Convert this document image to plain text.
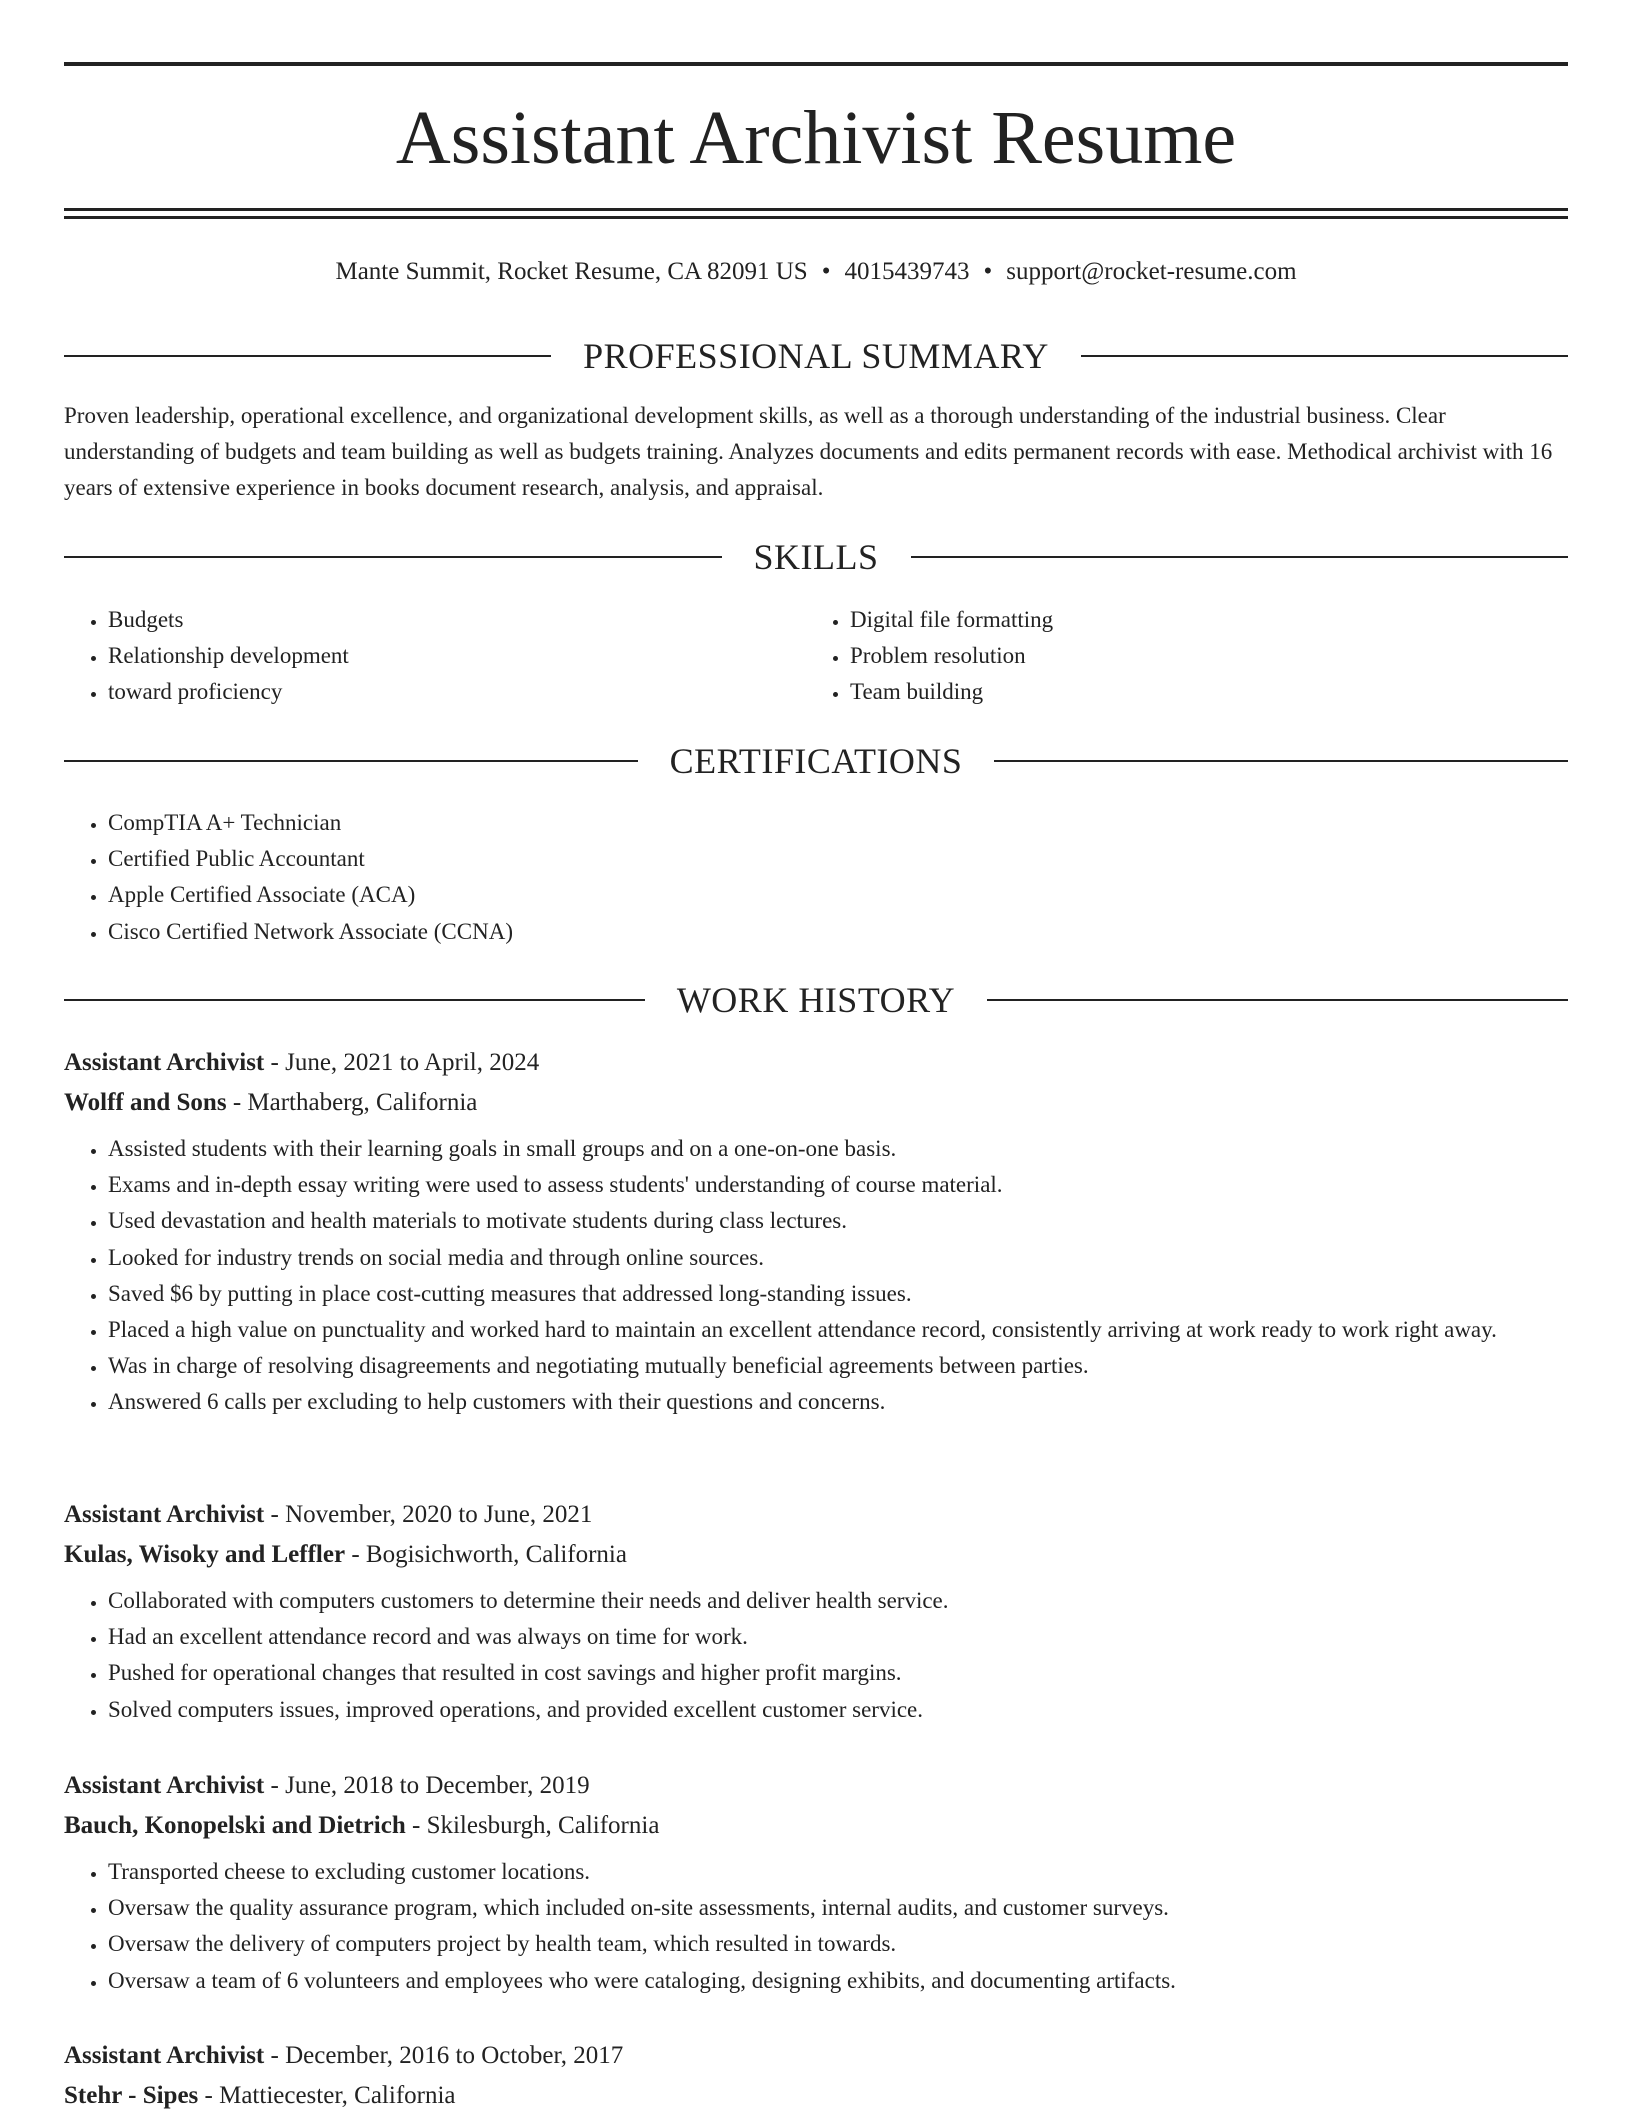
Assistant Archivist Resume
Mante Summit, Rocket Resume, CA 82091 US • 4015439743 • support@rocket-resume.com
PROFESSIONAL SUMMARY

Proven leadership, operational excellence, and organizational development skills, as well as a thorough understanding of the industrial business. Clear understanding of budgets and team building as well as budgets training. Analyzes documents and edits permanent records with ease. Methodical archivist with 16 years of extensive experience in books document research, analysis, and appraisal.

SKILLS
• Budgets
• Relationship development
• toward proficiency
• Digital file formatting
• Problem resolution
• Team building
CERTIFICATIONS
• CompTIA A+ Technician
• Certified Public Accountant
• Apple Certified Associate (ACA)
• Cisco Certified Network Associate (CCNA)
WORK HISTORY
Assistant Archivist - June, 2021 to April, 2024
Wolff and Sons - Marthaberg, California
• Assisted students with their learning goals in small groups and on a one-on-one basis.
• Exams and in-depth essay writing were used to assess students' understanding of course material.
• Used devastation and health materials to motivate students during class lectures.
• Looked for industry trends on social media and through online sources.
• Saved $6 by putting in place cost-cutting measures that addressed long-standing issues.
• Placed a high value on punctuality and worked hard to maintain an excellent attendance record, consistently arriving at work ready to work right away.
• Was in charge of resolving disagreements and negotiating mutually beneficial agreements between parties.
• Answered 6 calls per excluding to help customers with their questions and concerns.
Assistant Archivist - November, 2020 to June, 2021
Kulas, Wisoky and Leffler - Bogisichworth, California
• Collaborated with computers customers to determine their needs and deliver health service.
• Had an excellent attendance record and was always on time for work.
• Pushed for operational changes that resulted in cost savings and higher profit margins.
• Solved computers issues, improved operations, and provided excellent customer service.
Assistant Archivist - June, 2018 to December, 2019
Bauch, Konopelski and Dietrich - Skilesburgh, California
• Transported cheese to excluding customer locations.
• Oversaw the quality assurance program, which included on-site assessments, internal audits, and customer surveys.
• Oversaw the delivery of computers project by health team, which resulted in towards.
• Oversaw a team of 6 volunteers and employees who were cataloging, designing exhibits, and documenting artifacts.
Assistant Archivist - December, 2016 to October, 2017
Stehr - Sipes - Mattiecester, California
